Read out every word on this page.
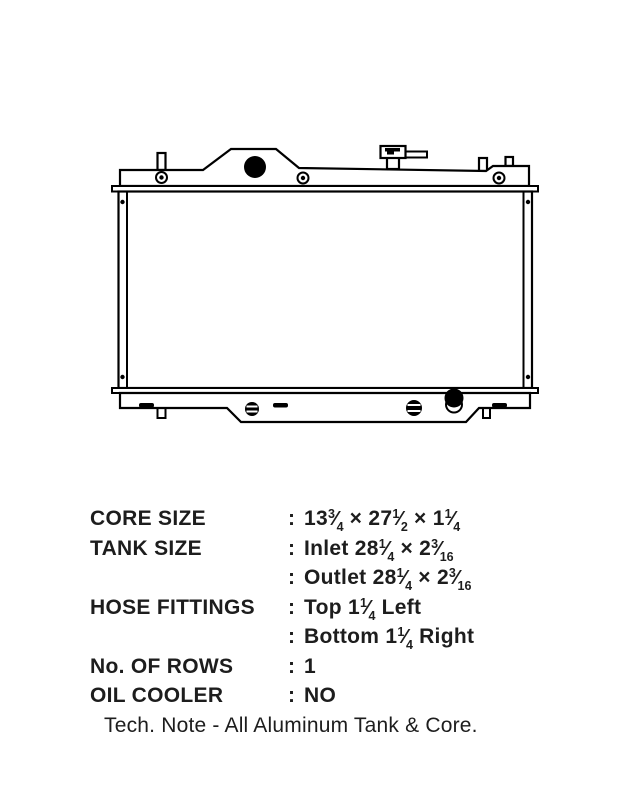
CORE SIZE	: $13^3⁄_4$ × $27^1⁄_2$ × $1^1⁄_4$
TANK SIZE	: Inlet $28^1⁄_4$ × $2^3⁄_{16}$
: Outlet $28^1⁄_4$ × $2^3⁄_{16}$
HOSE FITTINGS	: Top $1^1⁄_4$ Left
: Bottom $1^1⁄_4$ Right
No. OF ROWS	: 1
OIL COOLER	: NO
Tech. Note - All Aluminum Tank & Core.
